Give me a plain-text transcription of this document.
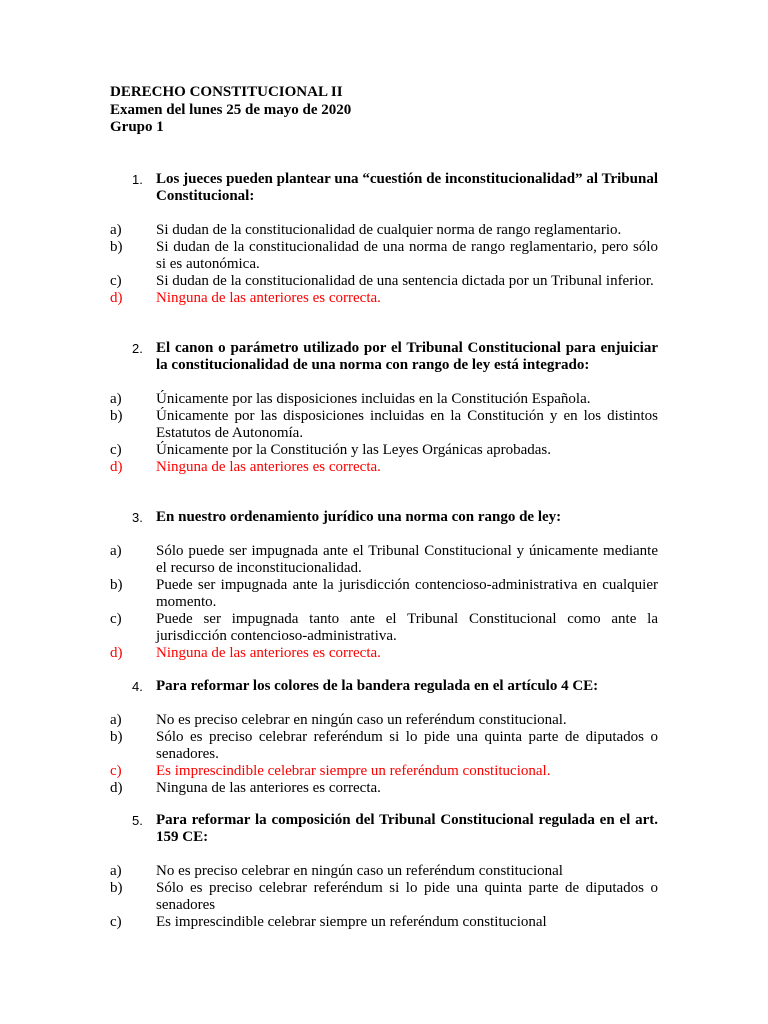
DERECHO CONSTITUCIONAL II
Examen del lunes 25 de mayo de 2020
Grupo 1
1. Los jueces pueden plantear una “cuestión de inconstitucionalidad” al Tribunal Constitucional:
a)	Si dudan de la constitucionalidad de cualquier norma de rango reglamentario.
b)	Si dudan de la constitucionalidad de una norma de rango reglamentario, pero sólo si es autonómica.
c)	Si dudan de la constitucionalidad de una sentencia dictada por un Tribunal inferior.
d)	Ninguna de las anteriores es correcta.
2. El canon o parámetro utilizado por el Tribunal Constitucional para enjuiciar la constitucionalidad de una norma con rango de ley está integrado:
a)	Únicamente por las disposiciones incluidas en la Constitución Española.
b)	Únicamente por las disposiciones incluidas en la Constitución y en los distintos Estatutos de Autonomía.
c)	Únicamente por la Constitución y las Leyes Orgánicas aprobadas.
d)	Ninguna de las anteriores es correcta.
3. En nuestro ordenamiento jurídico una norma con rango de ley:
a)	Sólo puede ser impugnada ante el Tribunal Constitucional y únicamente mediante el recurso de inconstitucionalidad.
b)	Puede ser impugnada ante la jurisdicción contencioso-administrativa en cualquier momento.
c)	Puede ser impugnada tanto ante el Tribunal Constitucional como ante la jurisdicción contencioso-administrativa.
d)	Ninguna de las anteriores es correcta.
4. Para reformar los colores de la bandera regulada en el artículo 4 CE:
a)	No es preciso celebrar en ningún caso un referéndum constitucional.
b)	Sólo es preciso celebrar referéndum si lo pide una quinta parte de diputados o senadores.
c)	Es imprescindible celebrar siempre un referéndum constitucional.
d)	Ninguna de las anteriores es correcta.
5. Para reformar la composición del Tribunal Constitucional regulada en el art. 159 CE:
a)	No es preciso celebrar en ningún caso un referéndum constitucional
b)	Sólo es preciso celebrar referéndum si lo pide una quinta parte de diputados o senadores
c)	Es imprescindible celebrar siempre un referéndum constitucional
